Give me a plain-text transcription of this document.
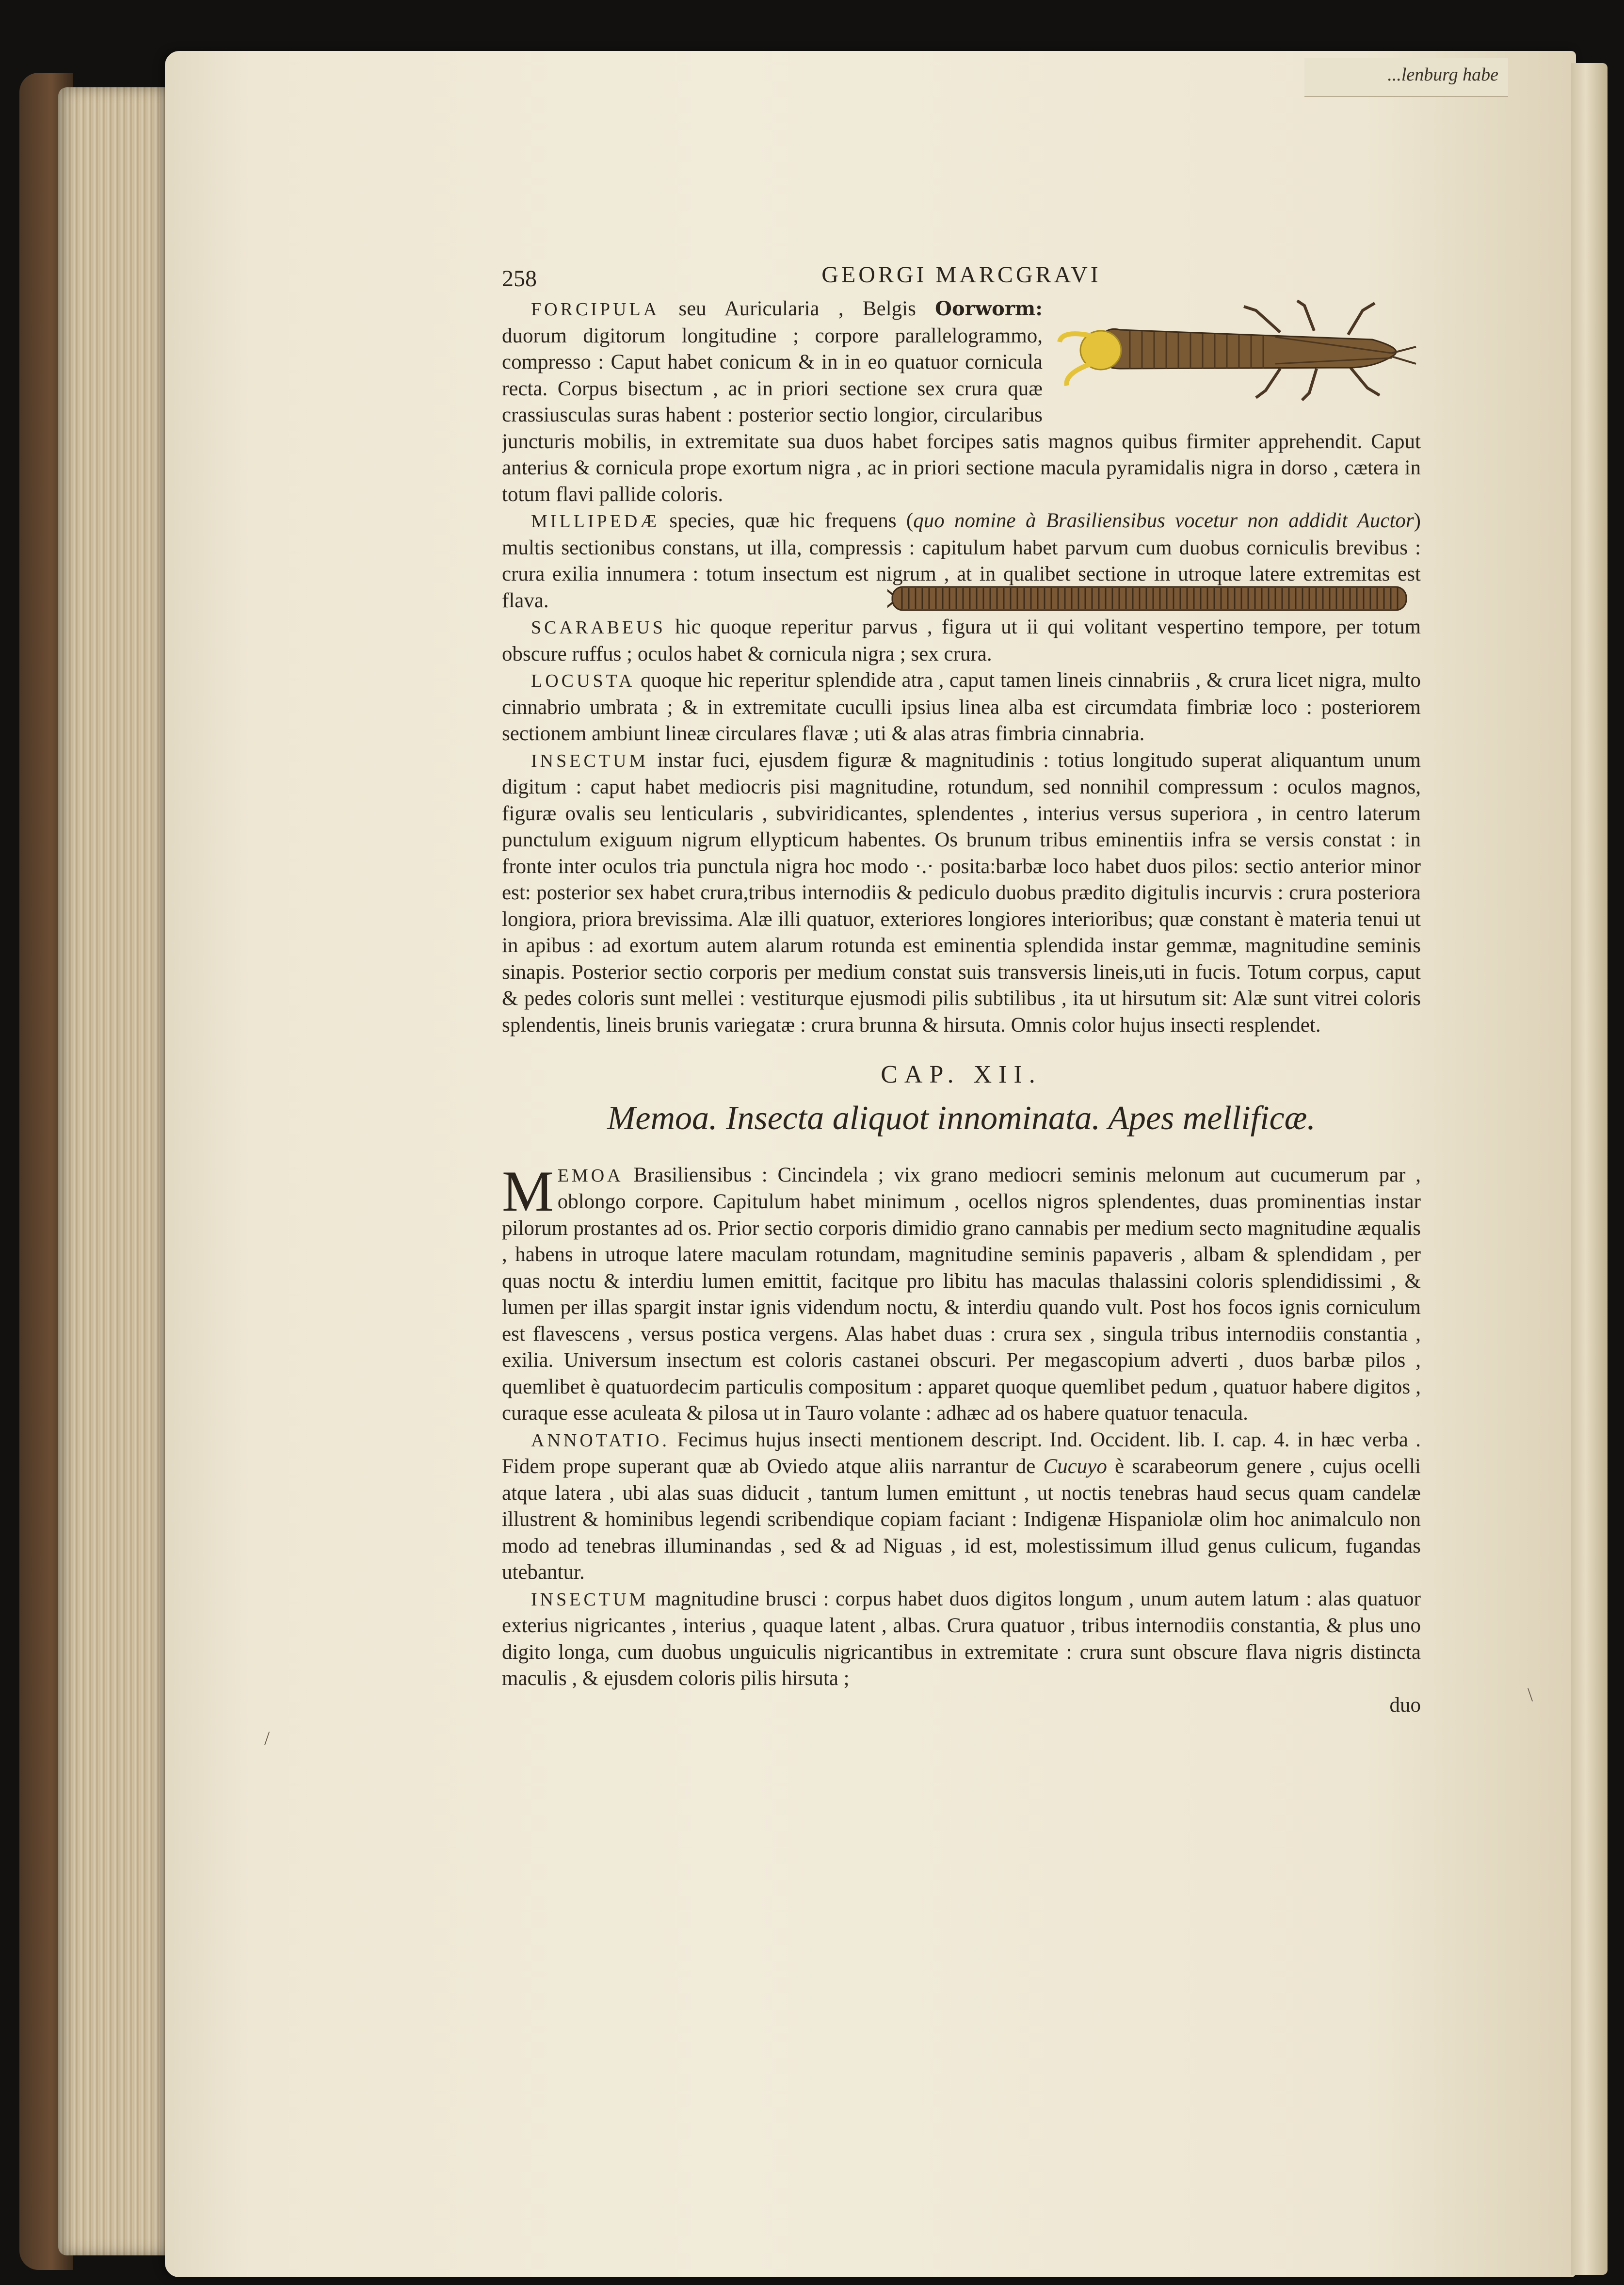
...lenburg habe
258	GEORGI MARCGRAVI

FORCIPULA seu Auricularia , Belgis Oorworm:
duorum digitorum longitudine ; corpore parallelogrammo, compresso : Caput habet conicum & in in eo quatuor cornicula recta. Corpus bisectum , ac in priori sectione sex crura quæ crassiusculas suras habent : posterior sectio longior, circularibus juncturis mobilis, in extremitate sua duos habet forcipes satis magnos quibus firmiter apprehendit. Caput anterius & cornicula prope exortum nigra , ac in priori sectione macula pyramidalis nigra in dorso , cætera in totum flavi pallide coloris.

MILLIPEDÆ species, quæ hic frequens (quo nomine à Brasiliensibus vocetur non addidit Auctor) multis sectionibus constans, ut illa, compressis : capitulum habet parvum cum duobus corniculis brevibus : crura exilia innumera : totum insectum est nigrum , at in qualibet sectione in utroque latere extremitas est flava.

SCARABEUS hic quoque reperitur parvus , figura ut ii qui volitant vespertino tempore, per totum obscure ruffus ; oculos habet & cornicula nigra ; sex crura.

LOCUSTA quoque hic reperitur splendide atra , caput tamen lineis cinnabriis , & crura licet nigra, multo cinnabrio umbrata ; & in extremitate cuculli ipsius linea alba est circumdata fimbriæ loco : posteriorem sectionem ambiunt lineæ circulares flavæ ; uti & alas atras fimbria cinnabria.

INSECTUM instar fuci, ejusdem figuræ & magnitudinis : totius longitudo superat aliquantum unum digitum : caput habet mediocris pisi magnitudine, rotundum, sed nonnihil compressum : oculos magnos, figuræ ovalis seu lenticularis , subviridicantes, splendentes , interius versus superiora , in centro laterum punctulum exiguum nigrum ellypticum habentes. Os brunum tribus eminentiis infra se versis constat : in fronte inter oculos tria punctula nigra hoc modo ·.· posita:barbæ loco habet duos pilos: sectio anterior minor est: posterior sex habet crura,tribus internodiis & pediculo duobus prædito digitulis incurvis : crura posteriora longiora, priora brevissima. Alæ illi quatuor, exteriores longiores interioribus; quæ constant è materia tenui ut in apibus : ad exortum autem alarum rotunda est eminentia splendida instar gemmæ, magnitudine seminis sinapis. Posterior sectio corporis per medium constat suis transversis lineis,uti in fucis. Totum corpus, caput & pedes coloris sunt mellei : vestiturque ejusmodi pilis subtilibus , ita ut hirsutum sit: Alæ sunt vitrei coloris splendentis, lineis brunis variegatæ : crura brunna & hirsuta. Omnis color hujus insecti resplendet.

CAP. XII.
Memoa. Insecta aliquot innominata. Apes mellificæ.

MEMOA Brasiliensibus : Cincindela ; vix grano mediocri seminis melonum aut cucumerum par , oblongo corpore. Capitulum habet minimum , ocellos nigros splendentes, duas prominentias instar pilorum prostantes ad os. Prior sectio corporis dimidio grano cannabis per medium secto magnitudine æqualis , habens in utroque latere maculam rotundam, magnitudine seminis papaveris , albam & splendidam , per quas noctu & interdiu lumen emittit, facitque pro libitu has maculas thalassini coloris splendidissimi , & lumen per illas spargit instar ignis videndum noctu, & interdiu quando vult. Post hos focos ignis corniculum est flavescens , versus postica vergens. Alas habet duas : crura sex , singula tribus internodiis constantia , exilia. Universum insectum est coloris castanei obscuri. Per megascopium adverti , duos barbæ pilos , quemlibet è quatuordecim particulis compositum : apparet quoque quemlibet pedum , quatuor habere digitos , curaque esse aculeata & pilosa ut in Tauro volante : adhæc ad os habere quatuor tenacula.

ANNOTATIO. Fecimus hujus insecti mentionem descript. Ind. Occident. lib. I. cap. 4. in hæc verba . Fidem prope superant quæ ab Oviedo atque aliis narrantur de Cucuyo è scarabeorum genere , cujus ocelli atque latera , ubi alas suas diducit , tantum lumen emittunt , ut noctis tenebras haud secus quam candelæ illustrent & hominibus legendi scribendique copiam faciant : Indigenæ Hispaniolæ olim hoc animalculo non modo ad tenebras illuminandas , sed & ad Niguas , id est, molestissimum illud genus culicum, fugandas utebantur.

INSECTUM magnitudine brusci : corpus habet duos digitos longum , unum autem latum : alas quatuor exterius nigricantes , interius , quaque latent , albas. Crura quatuor , tribus internodiis constantia, & plus uno digito longa, cum duobus unguiculis nigricantibus in extremitate : crura sunt obscure flava nigris distincta maculis , & ejusdem coloris pilis hirsuta ;

duo	\
/
